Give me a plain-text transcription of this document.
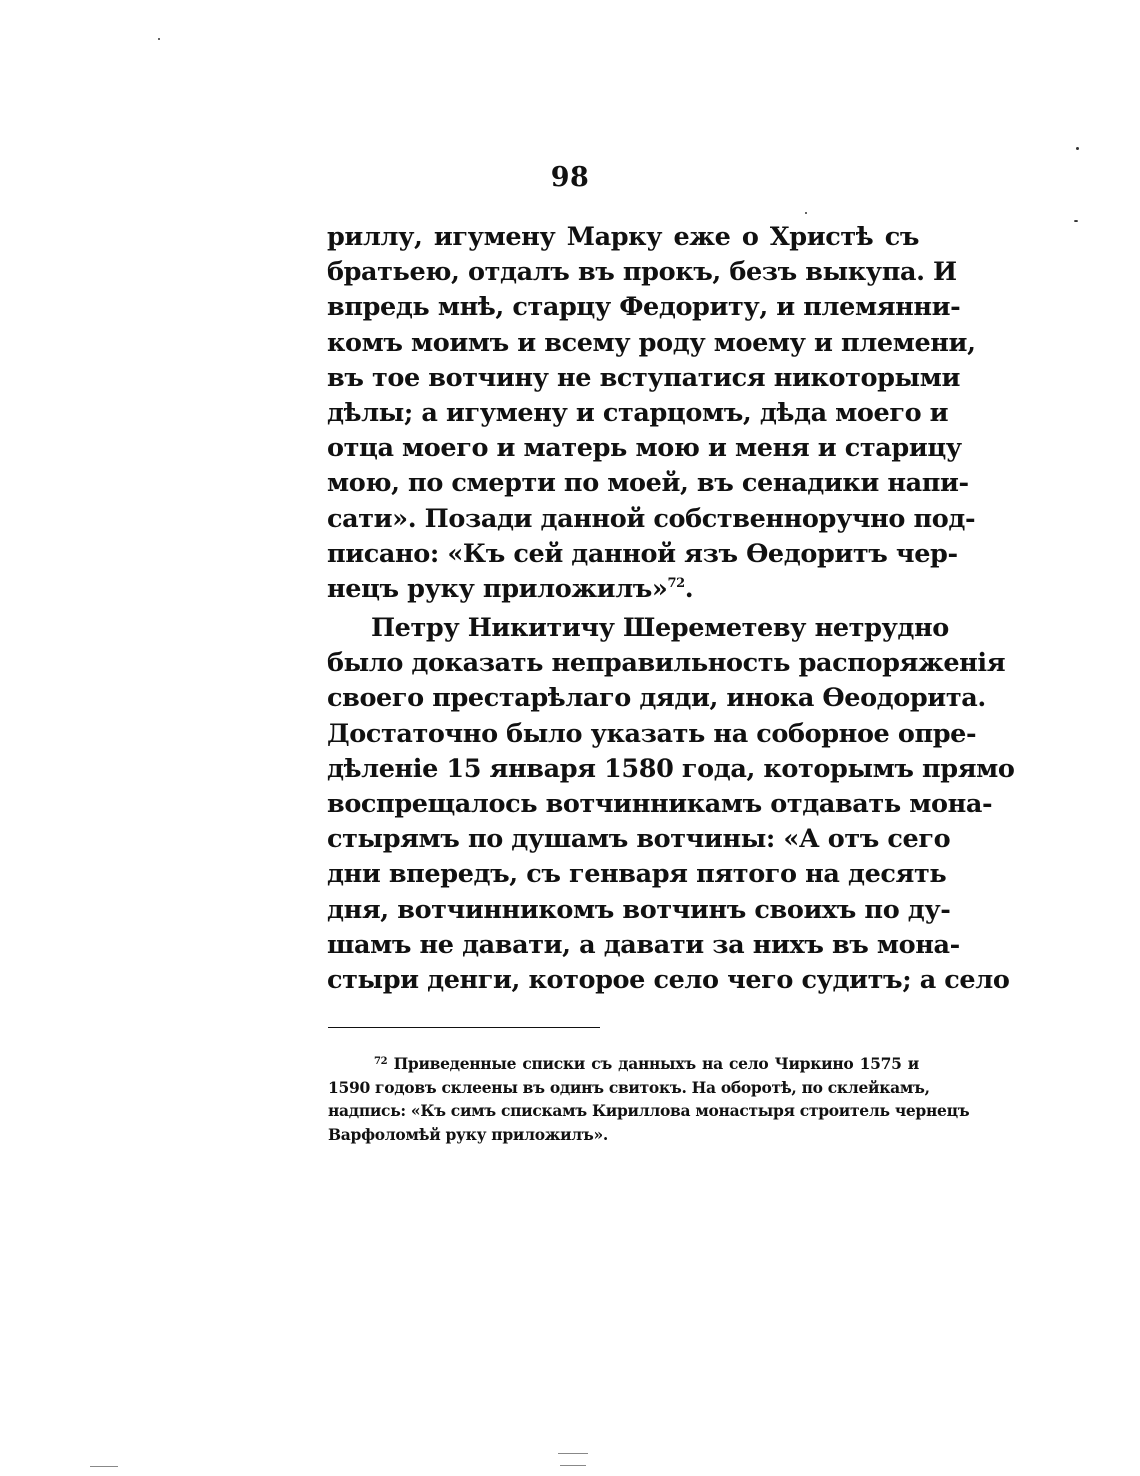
98
риллу, игумену Марку еже о Христѣ съ
братьею, отдалъ въ прокъ, безъ выкупа. И
впредь мнѣ, старцу Федориту, и племянни-
комъ моимъ и всему роду моему и племени,
въ тое вотчину не вступатися никоторыми
дѣлы; а игумену и старцомъ, дѣда моего и
отца моего и матерь мою и меня и старицу
мою, по смерти по моей, въ сенадики напи-
сати». Позади данной собственноручно под-
писано: «Къ сей данной язъ Ѳедоритъ чер-
нецъ руку приложилъ»$^{72}$.
Петру Никитичу Шереметеву нетрудно
было доказать неправильность распоряженія
своего престарѣлаго дяди, инока Ѳеодорита.
Достаточно было указать на соборное опре-
дѣленіе 15 января 1580 года, которымъ прямо
воспрещалось вотчинникамъ отдавать мона-
стырямъ по душамъ вотчины: «А отъ сего
дни впередъ, съ генваря пятого на десять
дня, вотчинникомъ вотчинъ своихъ по ду-
шамъ не давати, а давати за нихъ въ мона-
стыри денги, которое село чего судитъ; а село
$^{72}$ Приведенные списки съ данныхъ на село Чиркино 1575 и
1590 годовъ склеены въ одинъ свитокъ. На оборотѣ, по склейкамъ,
надпись: «Къ симъ спискамъ Кириллова монастыря строитель чернецъ
Варфоломѣй руку приложилъ».
